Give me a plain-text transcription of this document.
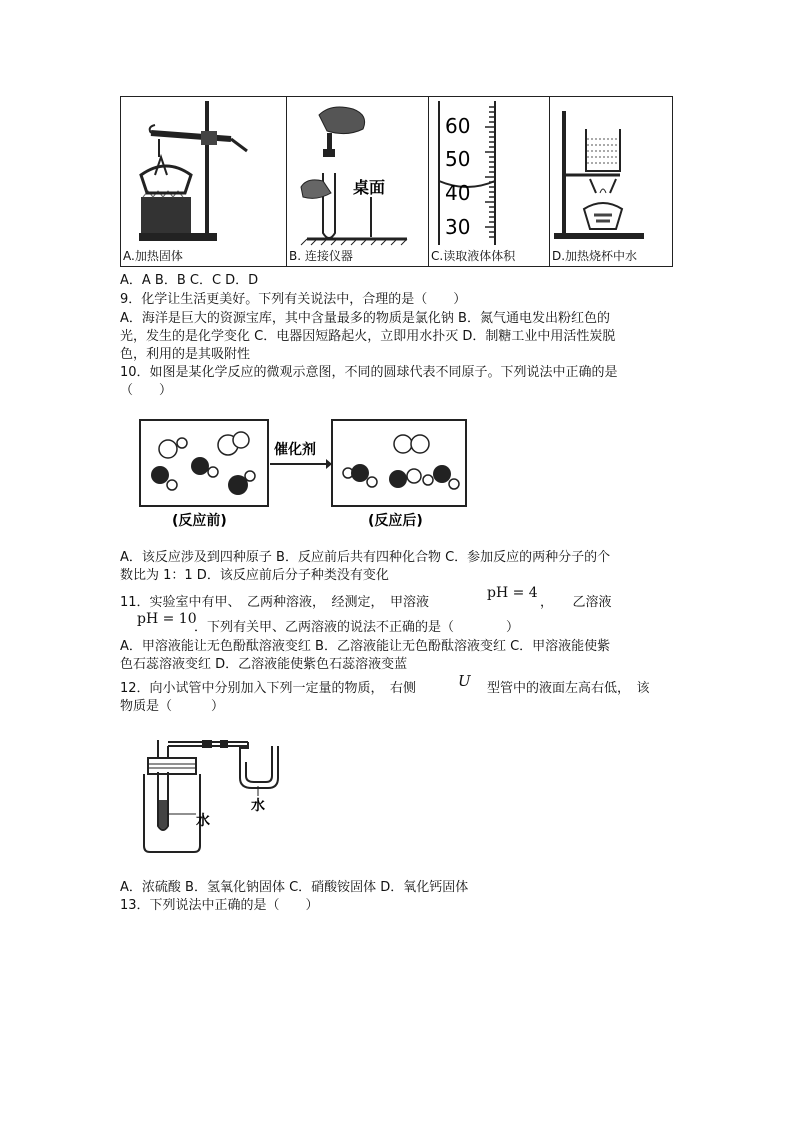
A.加热固体

桌面
B. 连接仪器

60
50
40
30
C.读取液体体积	D.加热烧杯中水
A．A B．B C．C D．D
9．化学让生活更美好。下列有关说法中，合理的是（　　）
A．海洋是巨大的资源宝库，其中含量最多的物质是氯化钠 B．氮气通电发出粉红色的
光，发生的是化学变化 C．电器因短路起火，立即用水扑灭 D．制糖工业中用活性炭脱
色，利用的是其吸附性
10．如图是某化学反应的微观示意图，不同的圆球代表不同原子。下列说法中正确的是
（　　）
催化剂
(反应前)	(反应后)
A．该反应涉及到四种原子 B．反应前后共有四种化合物 C．参加反应的两种分子的个
数比为 1：1 D．该反应前后分子种类没有变化
11．实验室中有甲、　乙两种溶液，　经测定，　甲溶液
pH = 4
，　　乙溶液
pH = 10
．下列有关甲、乙两溶液的说法不正确的是（　　　　）
A．甲溶液能让无色酚酞溶液变红 B．乙溶液能让无色酚酞溶液变红 C．甲溶液能使紫
色石蕊溶液变红 D．乙溶液能使紫色石蕊溶液变蓝
12．向小试管中分别加入下列一定量的物质，　右侧	U 型管中的液面左高右低，　该
物质是（　　　）
水
水
A．浓硫酸 B．氢氧化钠固体 C．硝酸铵固体 D．氧化钙固体
13．下列说法中正确的是（　　）
